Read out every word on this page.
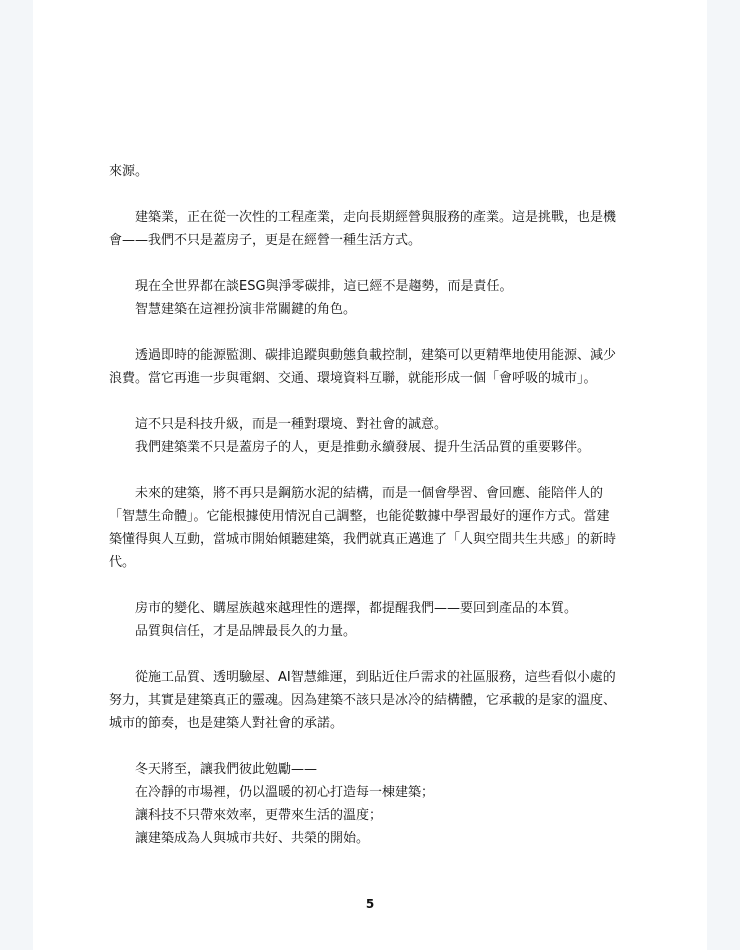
來源。

建築業，正在從一次性的工程產業，走向長期經營與服務的產業。這是挑戰，也是機
會——我們不只是蓋房子，更是在經營一種生活方式。

現在全世界都在談ESG與淨零碳排，這已經不是趨勢，而是責任。
智慧建築在這裡扮演非常關鍵的角色。

透過即時的能源監測、碳排追蹤與動態負載控制，建築可以更精準地使用能源、減少
浪費。當它再進一步與電網、交通、環境資料互聯，就能形成一個「會呼吸的城市」。

這不只是科技升級，而是一種對環境、對社會的誠意。
我們建築業不只是蓋房子的人，更是推動永續發展、提升生活品質的重要夥伴。

未來的建築，將不再只是鋼筋水泥的結構，而是一個會學習、會回應、能陪伴人的
「智慧生命體」。它能根據使用情況自己調整，也能從數據中學習最好的運作方式。當建
築懂得與人互動，當城市開始傾聽建築，我們就真正邁進了「人與空間共生共感」的新時
代。

房市的變化、購屋族越來越理性的選擇，都提醒我們——要回到產品的本質。
品質與信任，才是品牌最長久的力量。

從施工品質、透明驗屋、AI智慧維運，到貼近住戶需求的社區服務，這些看似小處的
努力，其實是建築真正的靈魂。因為建築不該只是冰冷的結構體，它承載的是家的溫度、
城市的節奏，也是建築人對社會的承諾。

冬天將至，讓我們彼此勉勵——
在冷靜的市場裡，仍以溫暖的初心打造每一棟建築；
讓科技不只帶來效率，更帶來生活的溫度；
讓建築成為人與城市共好、共榮的開始。

5
